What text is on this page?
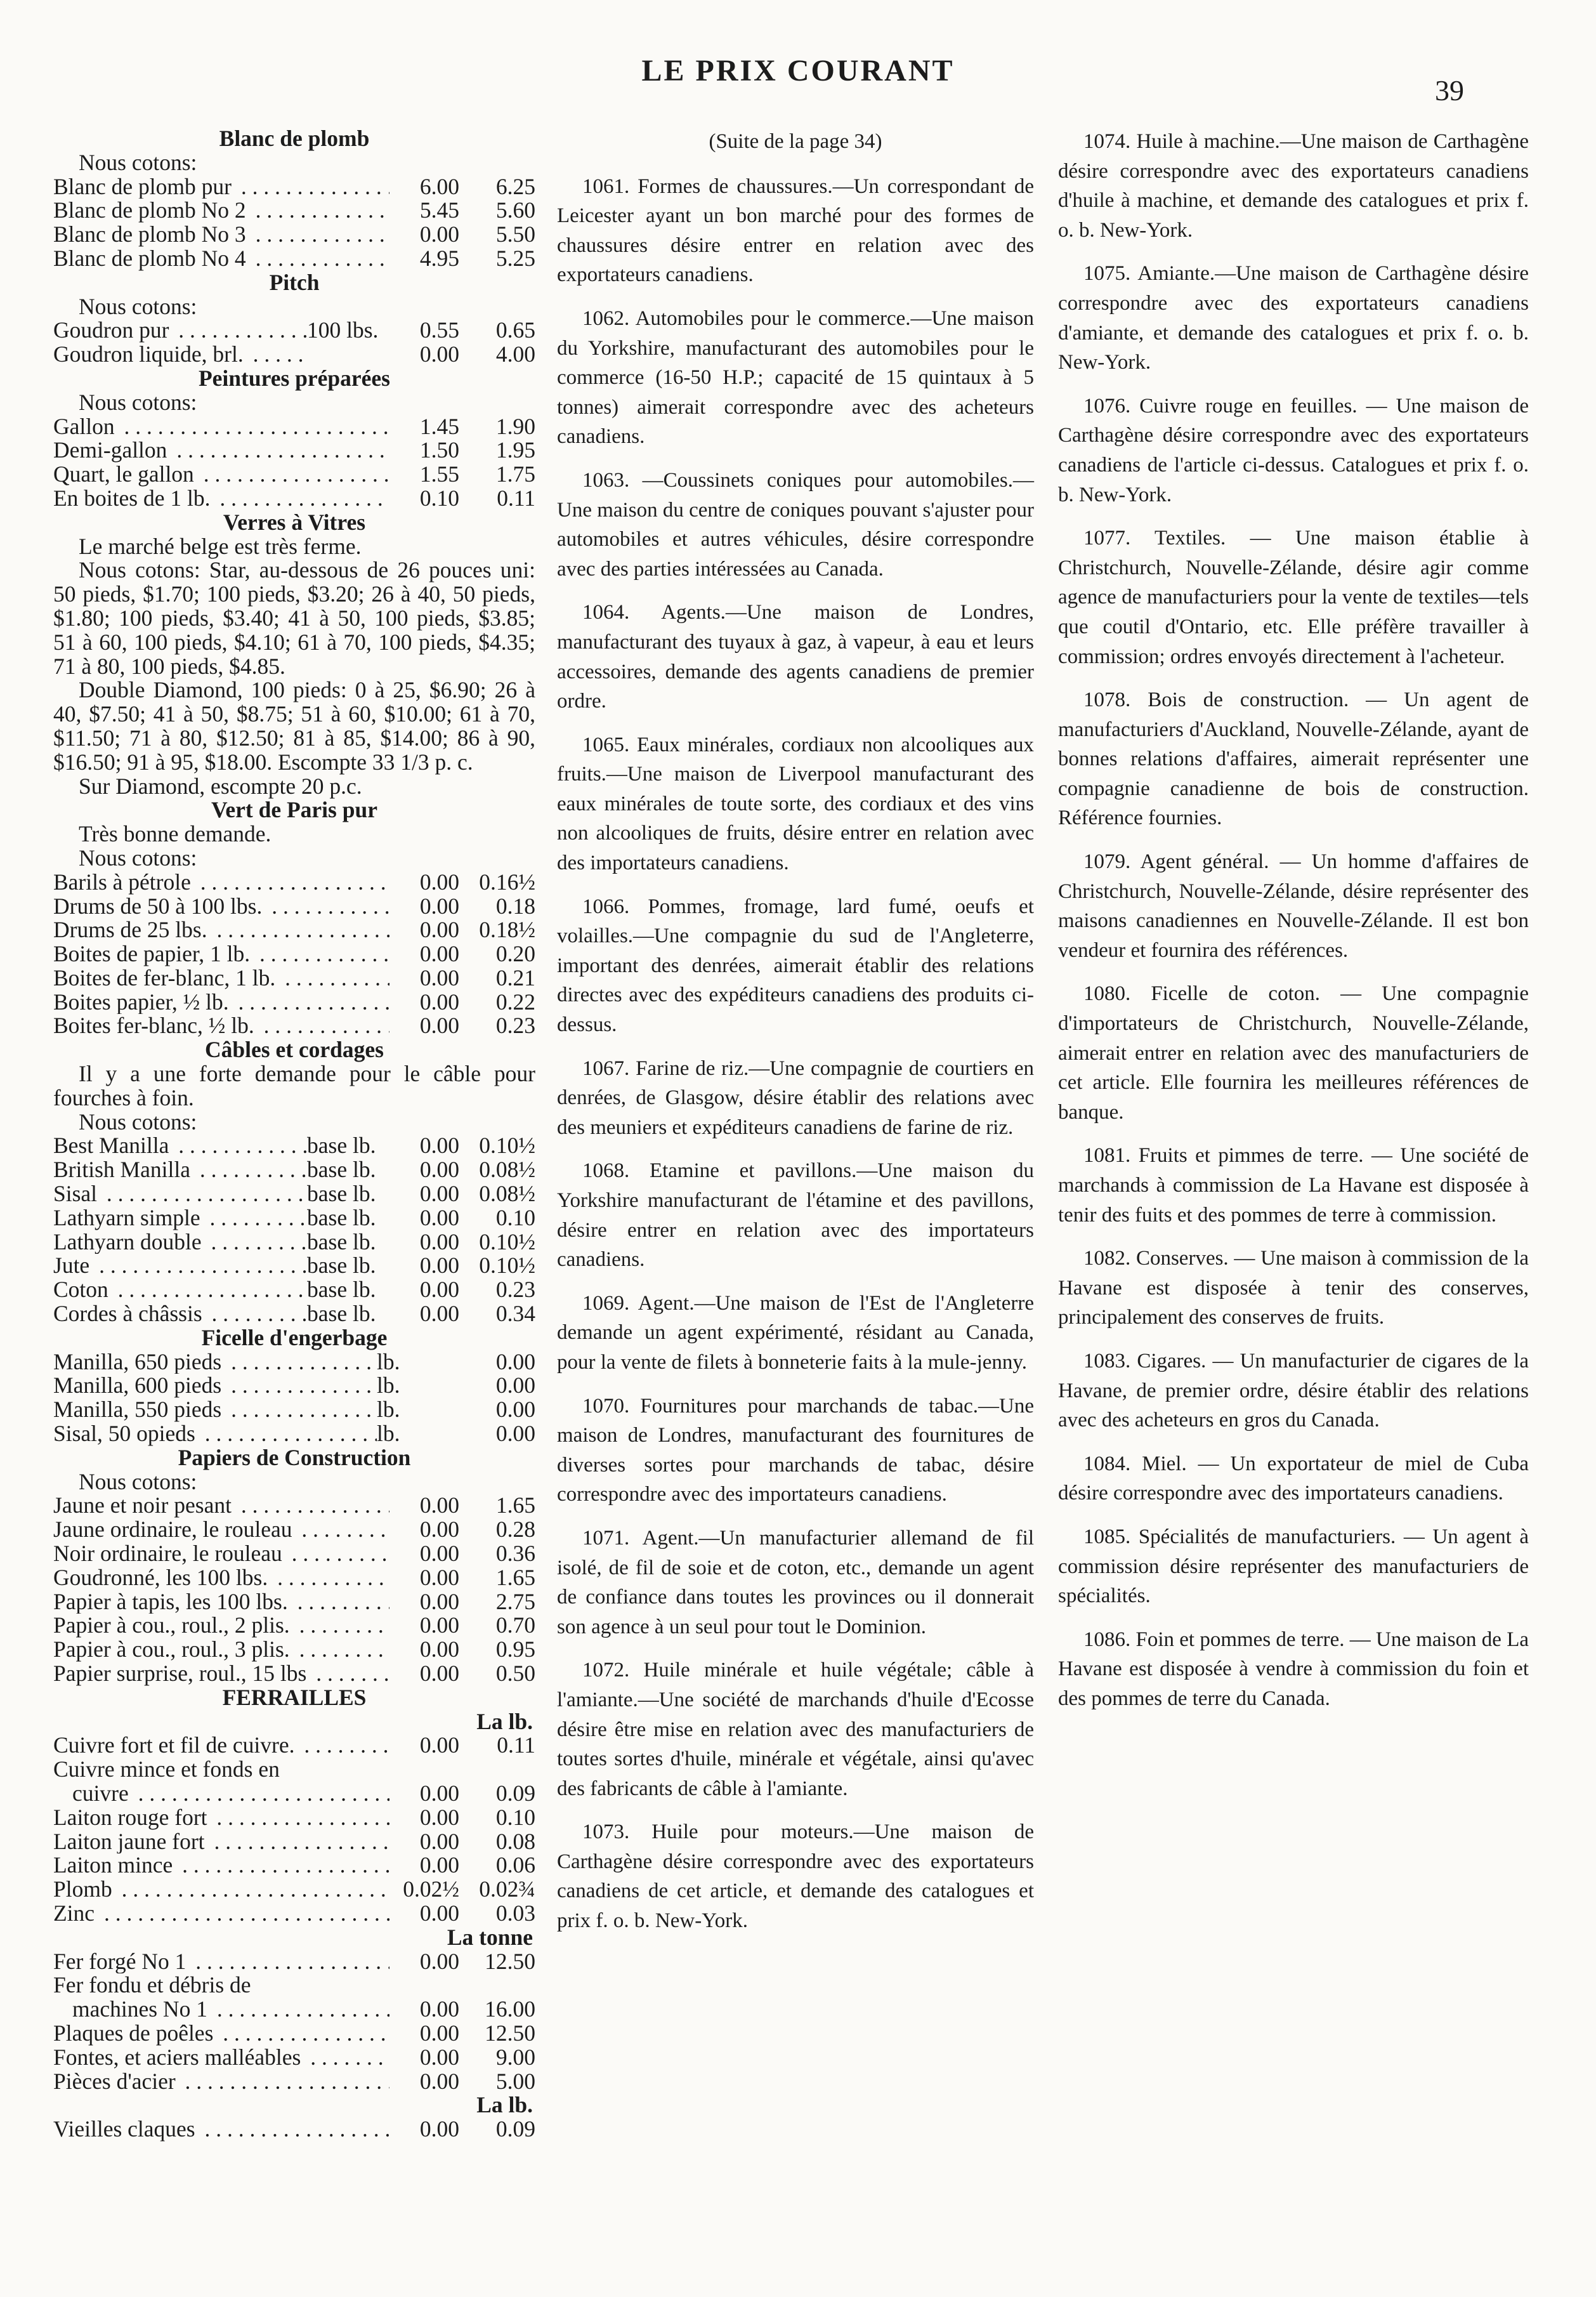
LE PRIX COURANT
39
Blanc de plomb
Nous cotons:
Blanc de plomb pur . . .	6.00	6.25
Blanc de plomb No 2 . . .	5.45	5.60
Blanc de plomb No 3 . . .	0.00	5.50
Blanc de plomb No 4 . . .	4.95	5.25
Pitch
Nous cotons:
Goudron pur . . .	100 lbs.	0.55	0.65
Goudron liquide, brl. . . .	0.00	4.00
Peintures préparées
Nous cotons:
Gallon . . .	1.45	1.90
Demi-gallon . . .	1.50	1.95
Quart, le gallon . . .	1.55	1.75
En boites de 1 lb. . . .	0.10	0.11
Verres à Vitres
Le marché belge est très ferme.
Nous cotons: Star, au-dessous de 26 pouces uni: 50 pieds, $1.70; 100 pieds, $3.20; 26 à 40, 50 pieds, $1.80; 100 pieds, $3.40; 41 à 50, 100 pieds, $3.85; 51 à 60, 100 pieds, $4.10; 61 à 70, 100 pieds, $4.35; 71 à 80, 100 pieds, $4.85.
Double Diamond, 100 pieds: 0 à 25, $6.90; 26 à 40, $7.50; 41 à 50, $8.75; 51 à 60, $10.00; 61 à 70, $11.50; 71 à 80, $12.50; 81 à 85, $14.00; 86 à 90, $16.50; 91 à 95, $18.00. Escompte 33 1/3 p. c.
Sur Diamond, escompte 20 p.c.
Vert de Paris pur
Très bonne demande.
Nous cotons:
Barils à pétrole . . .	0.00 0.16½
Drums de 50 à 100 lbs. . . .	0.00	0.18
Drums de 25 lbs. . . .	0.00 0.18½
Boites de papier, 1 lb. . . .	0.00	0.20
Boites de fer-blanc, 1 lb. . . .	0.00	0.21
Boites papier, ½ lb. . . .	0.00	0.22
Boites fer-blanc, ½ lb. . . .	0.00	0.23
Câbles et cordages
Il y a une forte demande pour le câble pour fourches à foin.
Nous cotons:
Best Manilla . . .	base lb.	0.00 0.10½
British Manilla . . .	base lb.	0.00 0.08½
Sisal . . .	base lb.	0.00 0.08½
Lathyarn simple . . .	base lb.	0.00	0.10
Lathyarn double . . .	base lb.	0.00 0.10½
Jute . . .	base lb.	0.00 0.10½
Coton . . .	base lb.	0.00	0.23
Cordes à châssis . . .	base lb.	0.00	0.34
Ficelle d'engerbage
Manilla, 650 pieds . . .	lb.	0.00
Manilla, 600 pieds . . .	lb.	0.00
Manilla, 550 pieds . . .	lb.	0.00
Sisal, 50 opieds . . .	lb.	0.00
Papiers de Construction
Nous cotons:
Jaune et noir pesant . . .	0.00	1.65
Jaune ordinaire, le rouleau . . .	0.00	0.28
Noir ordinaire, le rouleau . . .	0.00	0.36
Goudronné, les 100 lbs. . . .	0.00	1.65
Papier à tapis, les 100 lbs. . . .	0.00	2.75
Papier à cou., roul., 2 plis. . . .	0.00	0.70
Papier à cou., roul., 3 plis. . . .	0.00	0.95
Papier surprise, roul., 15 lbs . . .	0.00	0.50
FERRAILLES
La lb.
Cuivre fort et fil de cuivre. . . .	0.00	0.11
Cuivre mince et fonds en
cuivre . . .	0.00	0.09
Laiton rouge fort . . .	0.00	0.10
Laiton jaune fort . . .	0.00	0.08
Laiton mince . . .	0.00	0.06
Plomb . . .	0.02½ 0.02¾
Zinc . . .	0.00	0.03
La tonne
Fer forgé No 1 . . .	0.00	12.50
Fer fondu et débris de
machines No 1 . . .	0.00	16.00
Plaques de poêles . . .	0.00	12.50
Fontes, et aciers malléables . . .	0.00	9.00
Pièces d'acier . . .	0.00	5.00
La lb.
Vieilles claques . . .	0.00	0.09
(Suite de la page 34)
1061. Formes de chaussures.—Un correspondant de Leicester ayant un bon marché pour des formes de chaussures désire entrer en relation avec des exportateurs canadiens.
1062. Automobiles pour le commerce.—Une maison du Yorkshire, manufacturant des automobiles pour le commerce (16-50 H.P.; capacité de 15 quintaux à 5 tonnes) aimerait correspondre avec des acheteurs canadiens.
1063. —Coussinets coniques pour automobiles.—Une maison du centre de coniques pouvant s'ajuster pour automobiles et autres véhicules, désire correspondre avec des parties intéressées au Canada.
1064. Agents.—Une maison de Londres, manufacturant des tuyaux à gaz, à vapeur, à eau et leurs accessoires, demande des agents canadiens de premier ordre.
1065. Eaux minérales, cordiaux non alcooliques aux fruits.—Une maison de Liverpool manufacturant des eaux minérales de toute sorte, des cordiaux et des vins non alcooliques de fruits, désire entrer en relation avec des importateurs canadiens.
1066. Pommes, fromage, lard fumé, oeufs et volailles.—Une compagnie du sud de l'Angleterre, important des denrées, aimerait établir des relations directes avec des expéditeurs canadiens des produits ci-dessus.
1067. Farine de riz.—Une compagnie de courtiers en denrées, de Glasgow, désire établir des relations avec des meuniers et expéditeurs canadiens de farine de riz.
1068. Etamine et pavillons.—Une maison du Yorkshire manufacturant de l'étamine et des pavillons, désire entrer en relation avec des importateurs canadiens.
1069. Agent.—Une maison de l'Est de l'Angleterre demande un agent expérimenté, résidant au Canada, pour la vente de filets à bonneterie faits à la mule-jenny.
1070. Fournitures pour marchands de tabac.—Une maison de Londres, manufacturant des fournitures de diverses sortes pour marchands de tabac, désire correspondre avec des importateurs canadiens.
1071. Agent.—Un manufacturier allemand de fil isolé, de fil de soie et de coton, etc., demande un agent de confiance dans toutes les provinces ou il donnerait son agence à un seul pour tout le Dominion.
1072. Huile minérale et huile végétale; câble à l'amiante.—Une société de marchands d'huile d'Ecosse désire être mise en relation avec des manufacturiers de toutes sortes d'huile, minérale et végétale, ainsi qu'avec des fabricants de câble à l'amiante.
1073. Huile pour moteurs.—Une maison de Carthagène désire correspondre avec des exportateurs canadiens de cet article, et demande des catalogues et prix f. o. b. New-York.
1074. Huile à machine.—Une maison de Carthagène désire correspondre avec des exportateurs canadiens d'huile à machine, et demande des catalogues et prix f. o. b. New-York.
1075. Amiante.—Une maison de Carthagène désire correspondre avec des exportateurs canadiens d'amiante, et demande des catalogues et prix f. o. b. New-York.
1076. Cuivre rouge en feuilles. — Une maison de Carthagène désire correspondre avec des exportateurs canadiens de l'article ci-dessus. Catalogues et prix f. o. b. New-York.
1077. Textiles. — Une maison établie à Christchurch, Nouvelle-Zélande, désire agir comme agence de manufacturiers pour la vente de textiles—tels que coutil d'Ontario, etc. Elle préfère travailler à commission; ordres envoyés directement à l'acheteur.
1078. Bois de construction. — Un agent de manufacturiers d'Auckland, Nouvelle-Zélande, ayant de bonnes relations d'affaires, aimerait représenter une compagnie canadienne de bois de construction. Référence fournies.
1079. Agent général. — Un homme d'affaires de Christchurch, Nouvelle-Zélande, désire représenter des maisons canadiennes en Nouvelle-Zélande. Il est bon vendeur et fournira des références.
1080. Ficelle de coton. — Une compagnie d'importateurs de Christchurch, Nouvelle-Zélande, aimerait entrer en relation avec des manufacturiers de cet article. Elle fournira les meilleures références de banque.
1081. Fruits et pimmes de terre. — Une société de marchands à commission de La Havane est disposée à tenir des fuits et des pommes de terre à commission.
1082. Conserves. — Une maison à commission de la Havane est disposée à tenir des conserves, principalement des conserves de fruits.
1083. Cigares. — Un manufacturier de cigares de la Havane, de premier ordre, désire établir des relations avec des acheteurs en gros du Canada.
1084. Miel. — Un exportateur de miel de Cuba désire correspondre avec des importateurs canadiens.
1085. Spécialités de manufacturiers. — Un agent à commission désire représenter des manufacturiers de spécialités.
1086. Foin et pommes de terre. — Une maison de La Havane est disposée à vendre à commission du foin et des pommes de terre du Canada.
